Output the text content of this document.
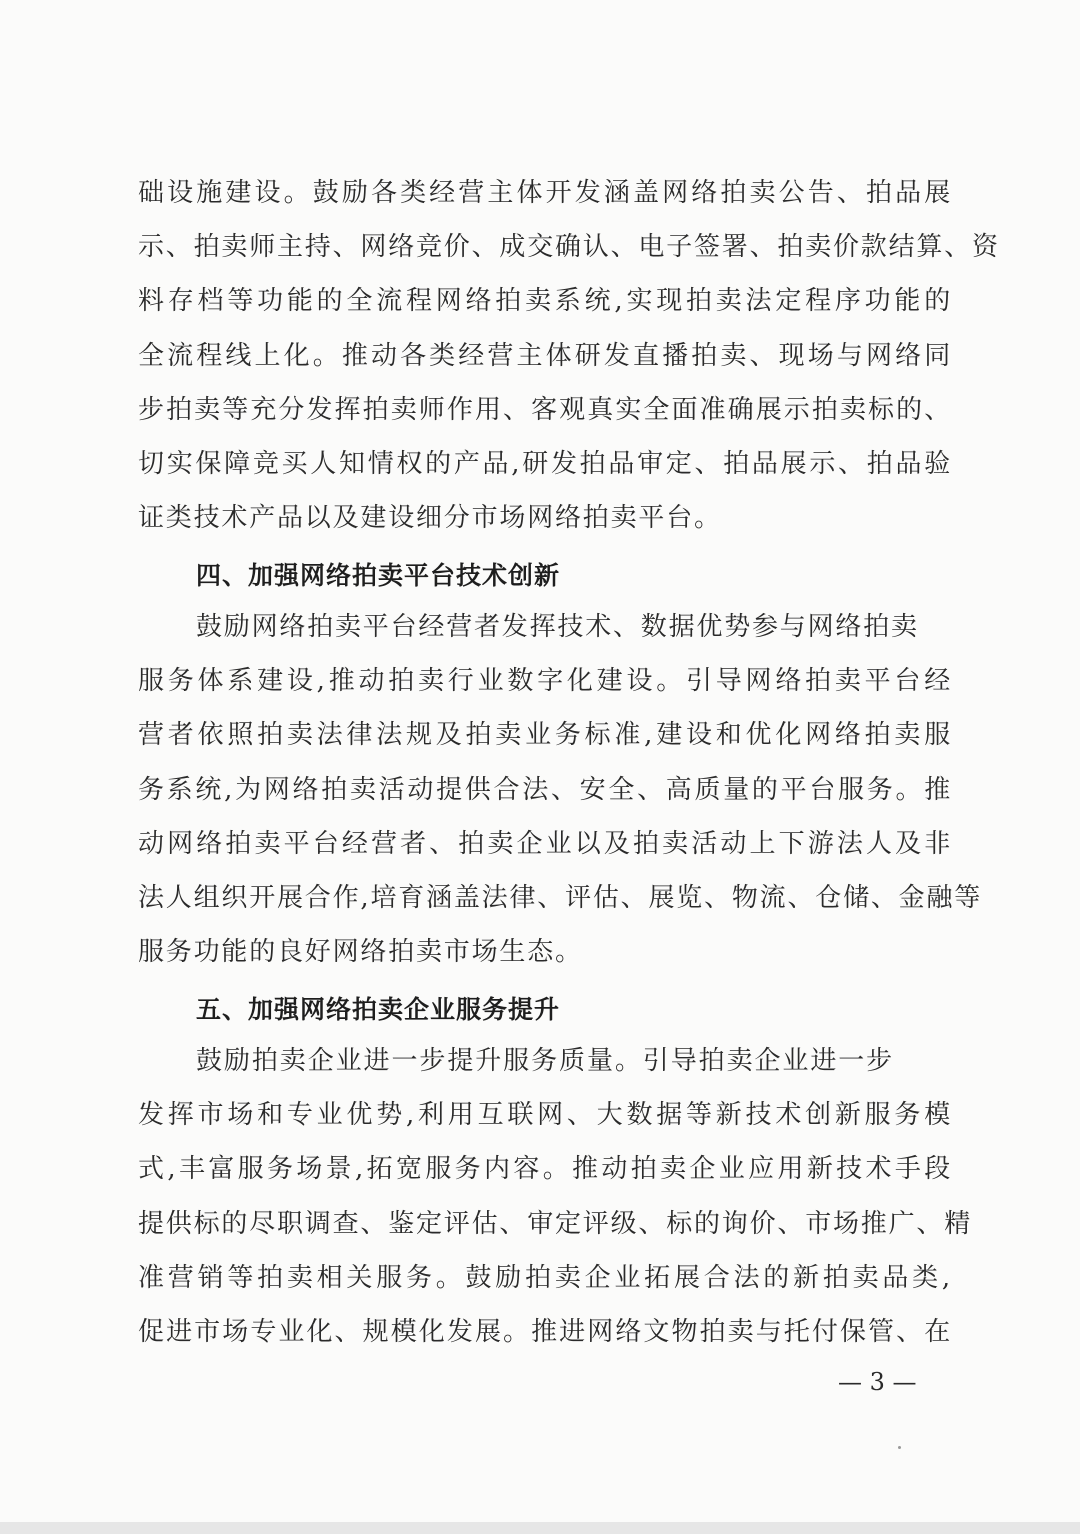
础设施建设。鼓励各类经营主体开发涵盖网络拍卖公告、拍品展
示、拍卖师主持、网络竞价、成交确认、电子签署、拍卖价款结算、资
料存档等功能的全流程网络拍卖系统,实现拍卖法定程序功能的
全流程线上化。推动各类经营主体研发直播拍卖、现场与网络同
步拍卖等充分发挥拍卖师作用、客观真实全面准确展示拍卖标的、
切实保障竞买人知情权的产品,研发拍品审定、拍品展示、拍品验
证类技术产品以及建设细分市场网络拍卖平台。
四、加强网络拍卖平台技术创新
鼓励网络拍卖平台经营者发挥技术、数据优势参与网络拍卖
服务体系建设,推动拍卖行业数字化建设。引导网络拍卖平台经
营者依照拍卖法律法规及拍卖业务标准,建设和优化网络拍卖服
务系统,为网络拍卖活动提供合法、安全、高质量的平台服务。推
动网络拍卖平台经营者、拍卖企业以及拍卖活动上下游法人及非
法人组织开展合作,培育涵盖法律、评估、展览、物流、仓储、金融等
服务功能的良好网络拍卖市场生态。
五、加强网络拍卖企业服务提升
鼓励拍卖企业进一步提升服务质量。引导拍卖企业进一步
发挥市场和专业优势,利用互联网、大数据等新技术创新服务模
式,丰富服务场景,拓宽服务内容。推动拍卖企业应用新技术手段
提供标的尽职调查、鉴定评估、审定评级、标的询价、市场推广、精
准营销等拍卖相关服务。鼓励拍卖企业拓展合法的新拍卖品类,
促进市场专业化、规模化发展。推进网络文物拍卖与托付保管、在
— 3 —
